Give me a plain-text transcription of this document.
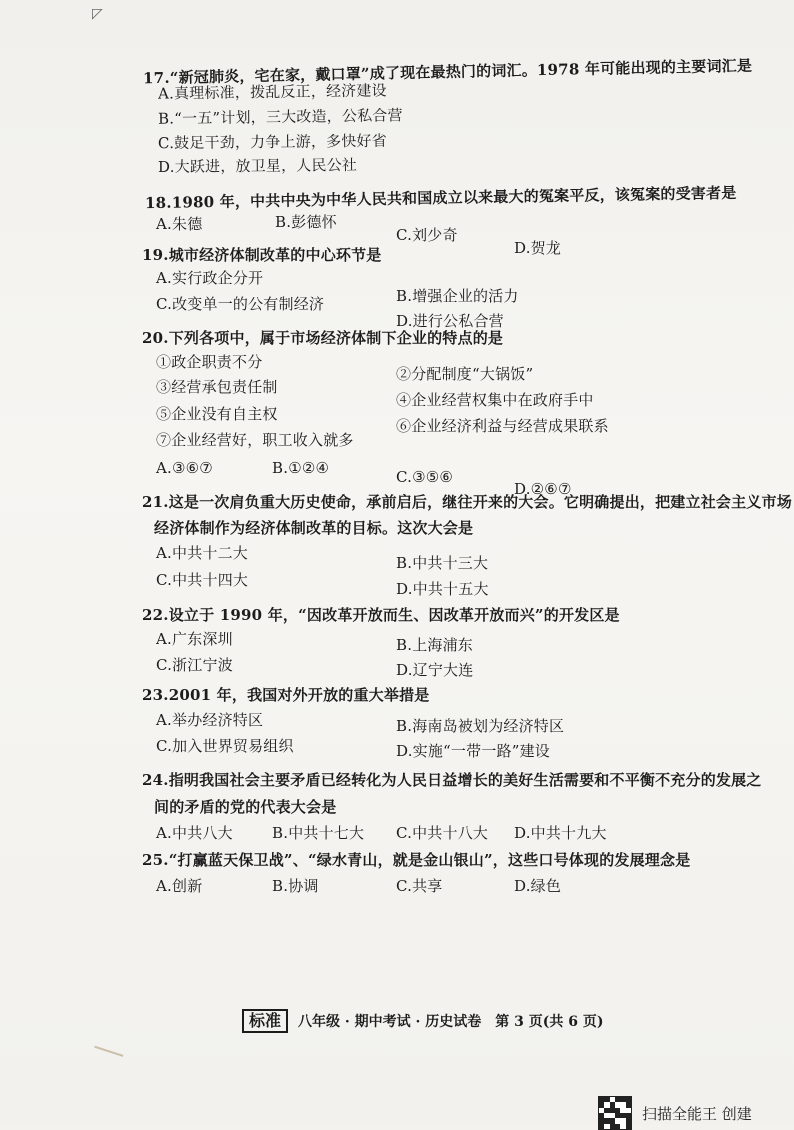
◸
17.“新冠肺炎，宅在家，戴口罩”成了现在最热门的词汇。1978 年可能出现的主要词汇是
A.真理标准，拨乱反正，经济建设
B.“一五”计划，三大改造，公私合营
C.鼓足干劲，力争上游，多快好省
D.大跃进，放卫星，人民公社
18.1980 年，中共中央为中华人民共和国成立以来最大的冤案平反，该冤案的受害者是
A.朱德	B.彭德怀
C.刘少奇
D.贺龙
19.城市经济体制改革的中心环节是
A.实行政企分开
B.增强企业的活力
C.改变单一的公有制经济
D.进行公私合营
20.下列各项中，属于市场经济体制下企业的特点的是
①政企职责不分
②分配制度“大锅饭”
③经营承包责任制
④企业经营权集中在政府手中
⑤企业没有自主权
⑥企业经济利益与经营成果联系
⑦企业经营好，职工收入就多
A.③⑥⑦	B.①②④	C.③⑤⑥
D.②⑥⑦
21.这是一次肩负重大历史使命，承前启后，继往开来的大会。它明确提出，把建立社会主义市场
经济体制作为经济体制改革的目标。这次大会是
A.中共十二大
B.中共十三大
C.中共十四大	D.中共十五大
22.设立于 1990 年，“因改革开放而生、因改革开放而兴”的开发区是
A.广东深圳	B.上海浦东
C.浙江宁波	D.辽宁大连
23.2001 年，我国对外开放的重大举措是
A.举办经济特区	B.海南岛被划为经济特区
C.加入世界贸易组织	D.实施“一带一路”建设
24.指明我国社会主要矛盾已经转化为人民日益增长的美好生活需要和不平衡不充分的发展之
间的矛盾的党的代表大会是
A.中共八大	B.中共十七大 C.中共十八大 D.中共十九大
25.“打赢蓝天保卫战”、“绿水青山，就是金山银山”，这些口号体现的发展理念是
A.创新	B.协调	C.共享	D.绿色
标准	八年级 · 期中考试 · 历史试卷　第 3 页(共 6 页)
扫描全能王 创建
